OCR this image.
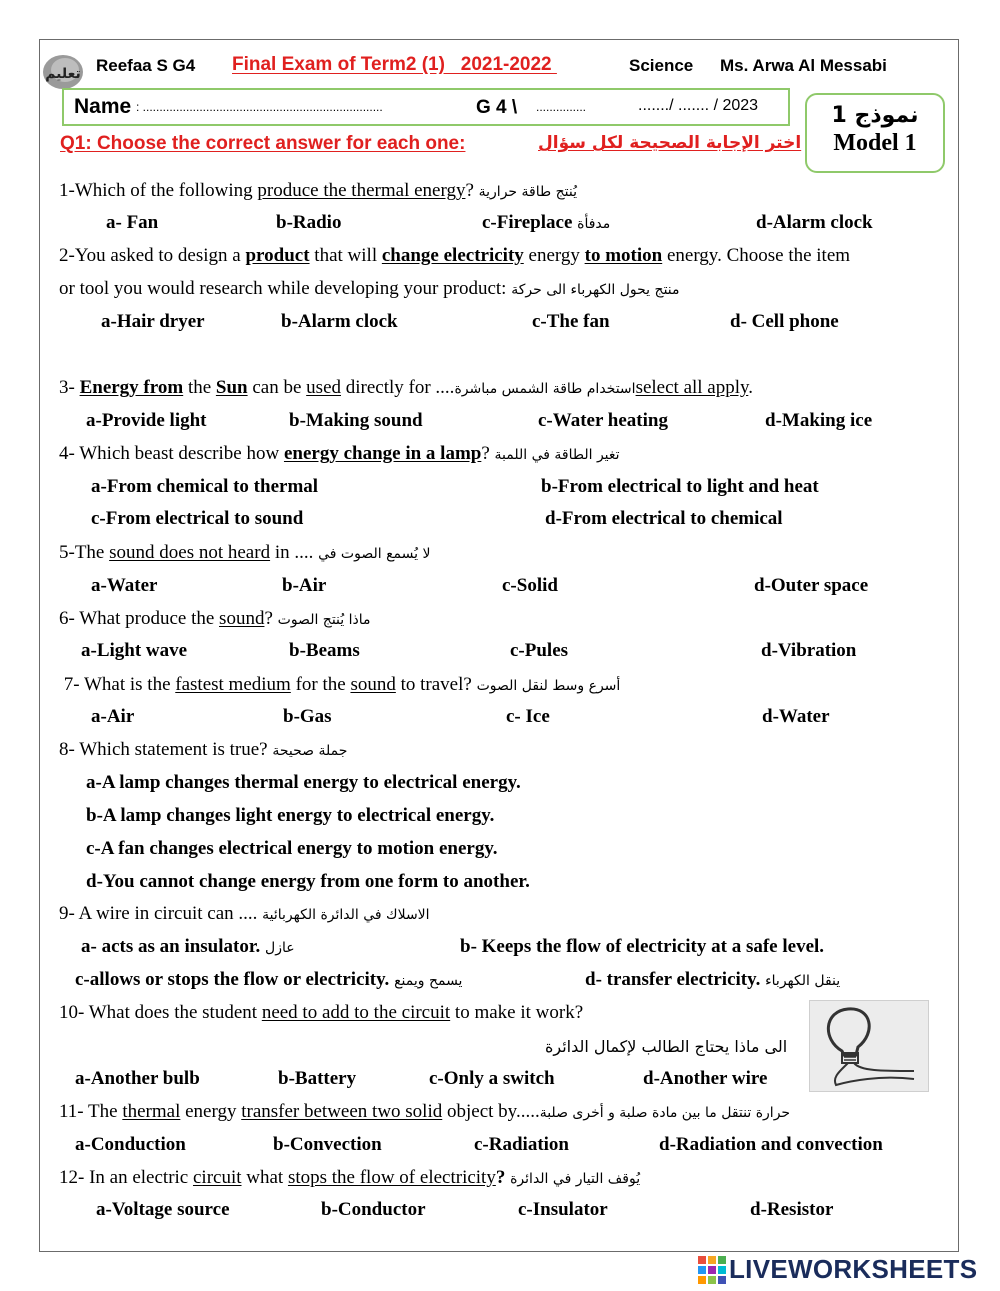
تعليم Reefaa S G4 Final Exam of Term2 (1)   2021-2022	Science Ms. Arwa Al Messabi
Name : ........................................................................	G 4 \ ...............	......./ ....... / 2023	نموذج 1
Model 1
Q1: Choose the correct answer for each one:	اختر الإجابة الصحيحة لكل سؤال
1-Which of the following produce the thermal energy? يُنتج طاقة حرارية
a- Fan	b-Radio	c-Fireplace مدفأة	d-Alarm clock
2-You asked to design a product that will change electricity energy to motion energy. Choose the item
or tool you would research while developing your product: منتج يحول الكهرباء الى حركة
a-Hair dryer	b-Alarm clock	c-The fan	d- Cell phone
3- Energy from the Sun can be used directly for ....استخدام طاقة الشمس مباشرةselect all apply.
a-Provide light	b-Making sound	c-Water heating	d-Making ice
4- Which beast describe how energy change in a lamp? تغير الطاقة في اللمبة
a-From chemical to thermal	b-From electrical to light and heat
c-From electrical to sound	d-From electrical to chemical
5-The sound does not heard in .... لا يُسمع الصوت في
a-Water	b-Air	c-Solid	d-Outer space
6- What produce the sound? ماذا يُنتج الصوت
a-Light wave	b-Beams	c-Pules	d-Vibration
7- What is the fastest medium for the sound to travel? أسرع وسط لنقل الصوت
a-Air	b-Gas	c- Ice	d-Water
8- Which statement is true? جملة صحيحة
a-A lamp changes thermal energy to electrical energy.
b-A lamp changes light energy to electrical energy.
c-A fan changes electrical energy to motion energy.
d-You cannot change energy from one form to another.
9- A wire in circuit can .... الاسلاك في الدائرة الكهربائية
a- acts as an insulator. عازل	b- Keeps the flow of electricity at a safe level.
c-allows or stops the flow or electricity. يسمح ويمنع	d- transfer electricity. ينقل الكهرباء
10- What does the student need to add to the circuit to make it work?
الى ماذا يحتاج الطالب لإكمال الدائرة
a-Another bulb	b-Battery	c-Only a switch	d-Another wire
11- The thermal energy transfer between two solid object by.....حرارة تنتقل ما بين مادة صلبة و أخرى صلبة
a-Conduction	b-Convection	c-Radiation	d-Radiation and convection
12- In an electric circuit what stops the flow of electricity? يُوقف التيار في الدائرة
a-Voltage source	b-Conductor	c-Insulator	d-Resistor
LIVEWORKSHEETS
